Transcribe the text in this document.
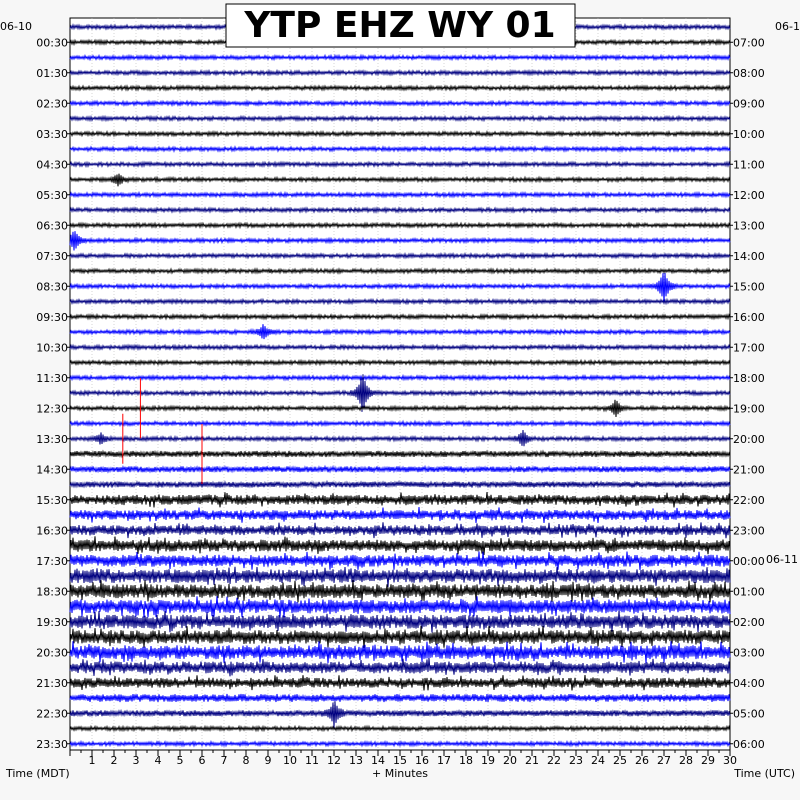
1 2 3 4 5 6 7 8 9 10 11 12 13 14 15 16 17 18 19 20 21 22 23 24 25 26 27 28 29 30
00:30
01:30
02:30
03:30
04:30
05:30
06:30
07:30
08:30
09:30
10:30
11:30
12:30
13:30
14:30
15:30
16:30
17:30
18:30
19:30
20:30
21:30
22:30
23:30
07:00
08:00
09:00
10:00
11:00
12:00
13:00
14:00
15:00
16:00
17:00
18:00
19:00
20:00
21:00
22:00
23:00
00:00
01:00
02:00
03:00
04:00
05:00
06:00
YTP EHZ WY 01
06-10	06-1
06-11
Time (MDT)	+ Minutes	Time (UTC)
